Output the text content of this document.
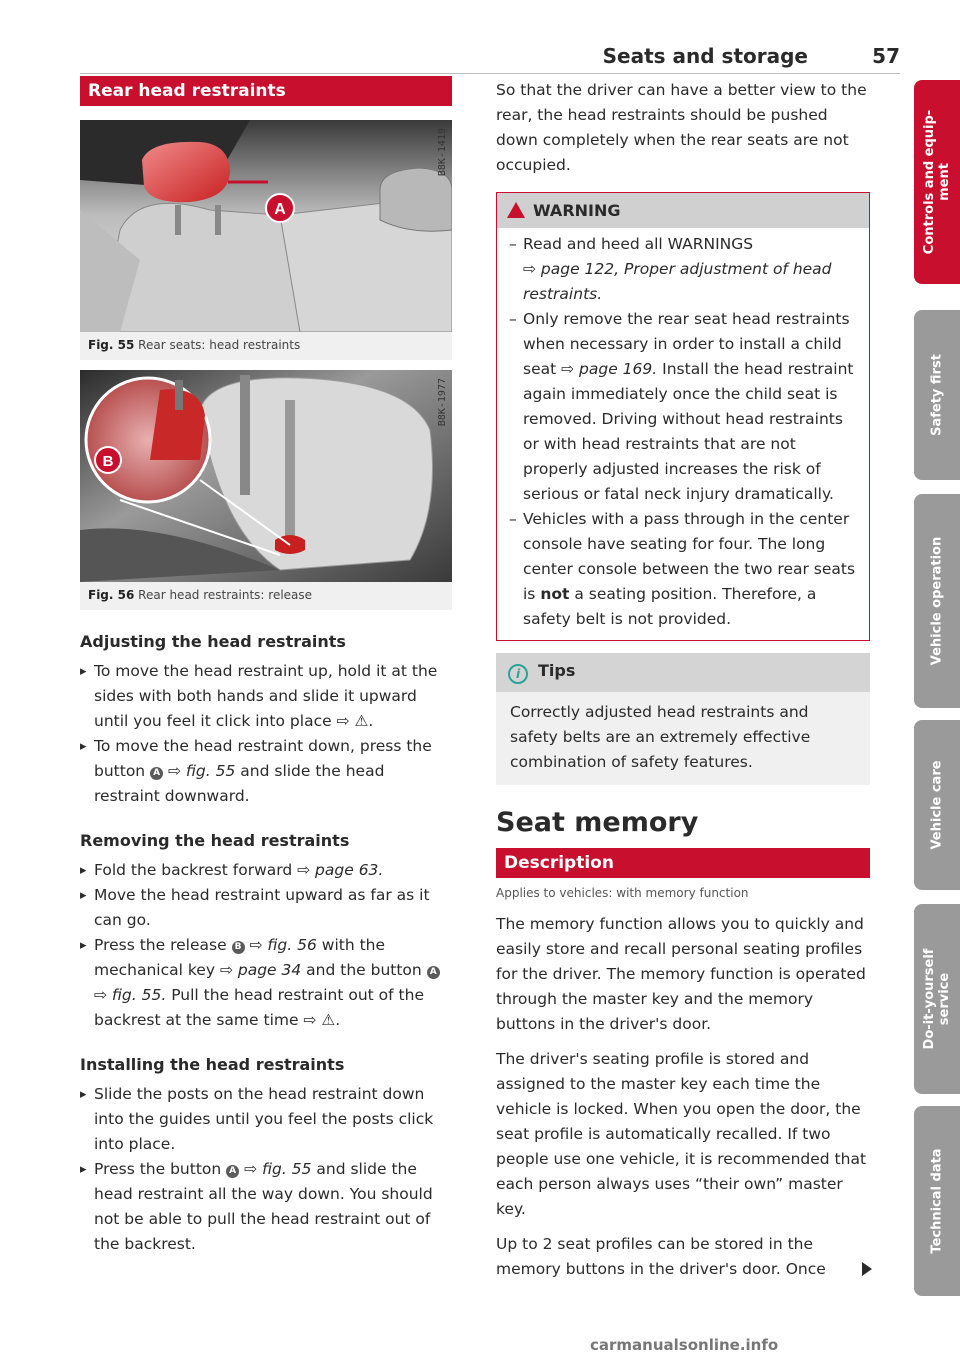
Seats and storage	57
Rear head restraints
A
B8K-1419
Fig. 55 Rear seats: head restraints
B
B8K-1977
Fig. 56 Rear head restraints: release
Adjusting the head restraints

▸ To move the head restraint up, hold it at the sides with both hands and slide it upward until you feel it click into place ⇨ ⚠.

▸ To move the head restraint down, press the button A ⇨ fig. 55 and slide the head restraint downward.

Removing the head restraints

▸ Fold the backrest forward ⇨ page 63.

▸ Move the head restraint upward as far as it can go.

▸ Press the release B ⇨ fig. 56 with the mechanical key ⇨ page 34 and the button A ⇨ fig. 55. Pull the head restraint out of the backrest at the same time ⇨ ⚠.

Installing the head restraints

▸ Slide the posts on the head restraint down into the guides until you feel the posts click into place.

▸ Press the button A ⇨ fig. 55 and slide the head restraint all the way down. You should not be able to pull the head restraint out of the backrest.

So that the driver can have a better view to the rear, the head restraints should be pushed down completely when the rear seats are not occupied.

WARNING

– Read and heed all WARNINGS
⇨ page 122, Proper adjustment of head restraints.

– Only remove the rear seat head restraints when necessary in order to install a child seat ⇨ page 169. Install the head restraint again immediately once the child seat is removed. Driving without head restraints or with head restraints that are not properly adjusted increases the risk of serious or fatal neck injury dramatically.

– Vehicles with a pass through in the center console have seating for four. The long center console between the two rear seats is not a seating position. Therefore, a safety belt is not provided.

i Tips
Correctly adjusted head restraints and safety belts are an extremely effective combination of safety features.
Seat memory
Description
Applies to vehicles: with memory function

The memory function allows you to quickly and easily store and recall personal seating profiles for the driver. The memory function is operated through the master key and the memory buttons in the driver's door.

The driver's seating profile is stored and assigned to the master key each time the vehicle is locked. When you open the door, the seat profile is automatically recalled. If two people use one vehicle, it is recommended that each person always uses “their own” master key.

Up to 2 seat profiles can be stored in the memory buttons in the driver's door. Once

Controls and equip-
ment
Safety first
Vehicle operation
Vehicle care
Do-it-yourself
service
Technical data
carmanualsonline.info
